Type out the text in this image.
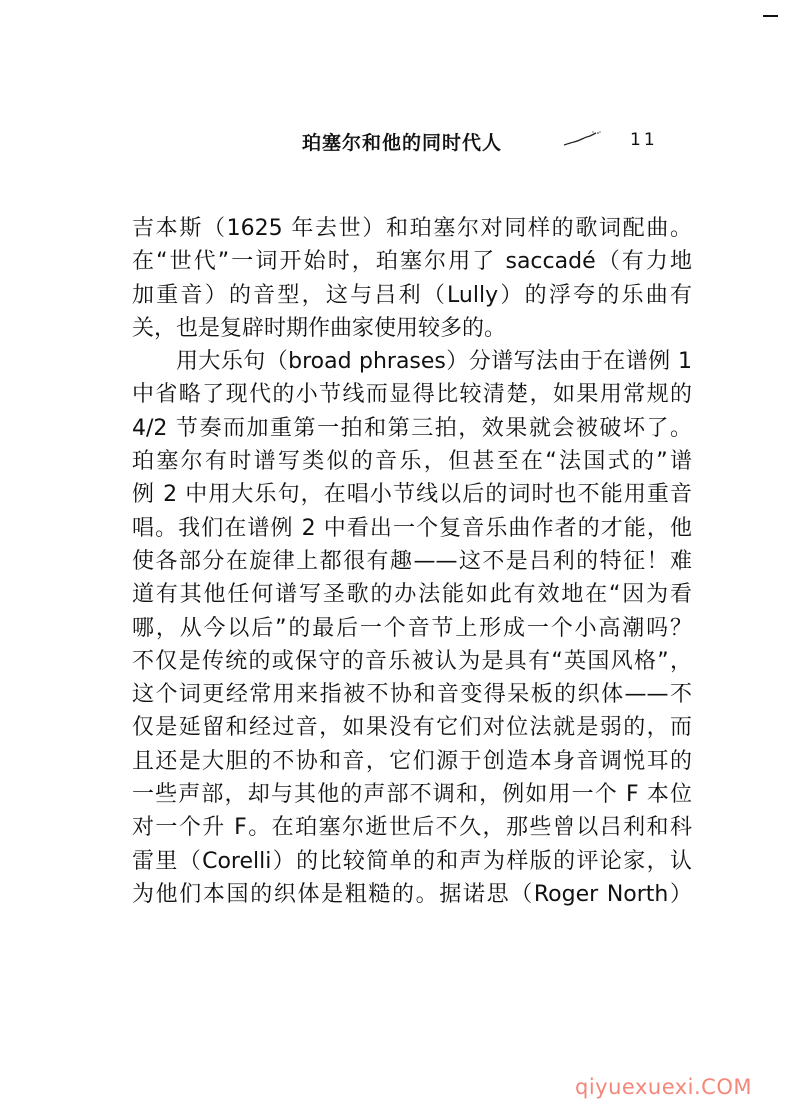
珀塞尔和他的同时代人	11
吉本斯（1625 年去世）和珀塞尔对同样的歌词配曲。
在“世代”一词开始时，珀塞尔用了 saccadé（有力地
加重音）的音型，这与吕利（Lully）的浮夸的乐曲有
关，也是复辟时期作曲家使用较多的。
用大乐句（broad phrases）分谱写法由于在谱例 1
中省略了现代的小节线而显得比较清楚，如果用常规的
4/2 节奏而加重第一拍和第三拍，效果就会被破坏了。
珀塞尔有时谱写类似的音乐，但甚至在“法国式的”谱
例 2 中用大乐句，在唱小节线以后的词时也不能用重音
唱。我们在谱例 2 中看出一个复音乐曲作者的才能，他
使各部分在旋律上都很有趣——这不是吕利的特征！难
道有其他任何谱写圣歌的办法能如此有效地在“因为看
哪，从今以后”的最后一个音节上形成一个小高潮吗？
不仅是传统的或保守的音乐被认为是具有“英国风格”，
这个词更经常用来指被不协和音变得呆板的织体——不
仅是延留和经过音，如果没有它们对位法就是弱的，而
且还是大胆的不协和音，它们源于创造本身音调悦耳的
一些声部，却与其他的声部不调和，例如用一个 F 本位
对一个升 F。在珀塞尔逝世后不久，那些曾以吕利和科
雷里（Corelli）的比较简单的和声为样版的评论家，认
为他们本国的织体是粗糙的。据诺思（Roger North）
qiyuexuexi.COM
